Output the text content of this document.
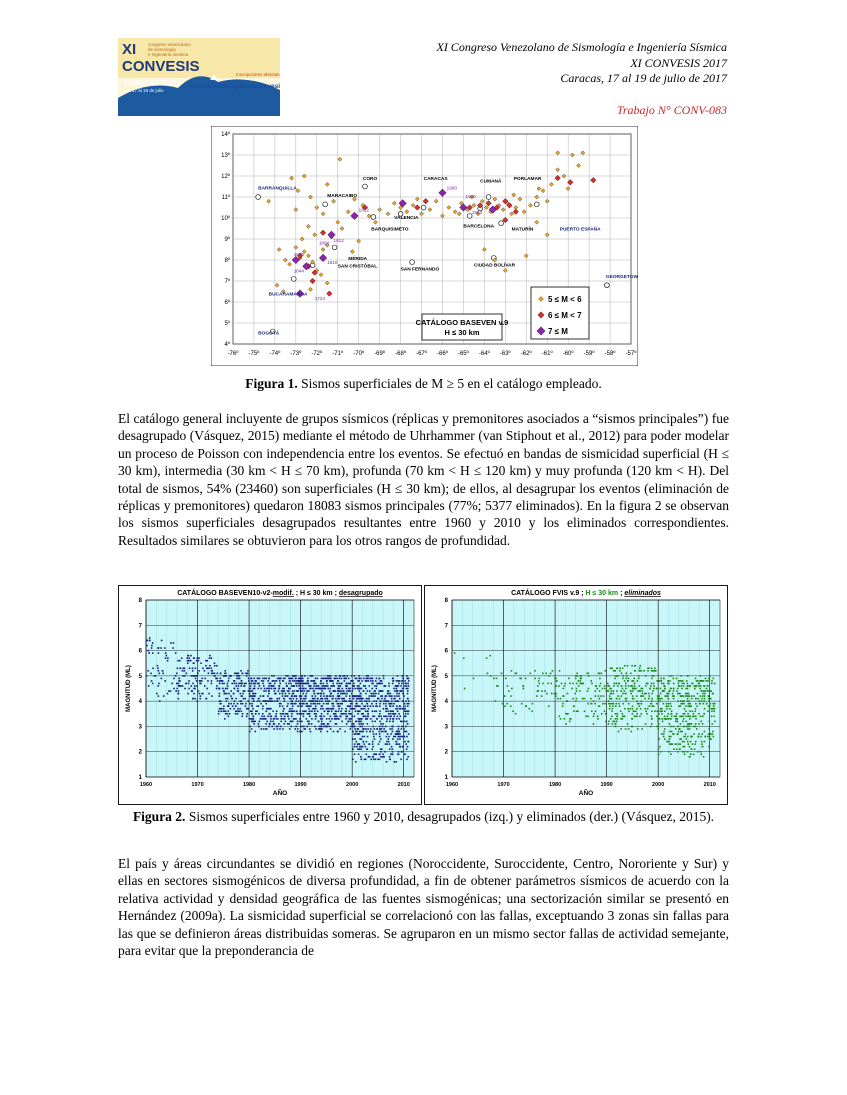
XI
CONVESIS
congreso venezolano
de sismología
e ingeniería sísmica
CARACAS 2017
Del 17 al 19 de julio
Inscripciones abiertas
www.funvisis.gob.ve/convesis
XI Congreso Venezolano de Sismología e Ingeniería Sísmica
XI CONVESIS 2017
Caracas, 17 al 19 de julio de 2017
Trabajo N° CONV-083
-76º -75º -74º -73º -72º -71º -70º -69º -68º -67º -66º -65º -64º -63º -62º -61º -60º -59º -58º -57º
4º
5º
6º
7º
8º
9º
10º
11º
12º
13º
14º
1900
1900
1812
1894
1875
1610
1644
1724
1812
1853
CORO	CARACAS	CUMANÁ	PORLAMAR
BARRANQUILLA
MARACAIBO
VALENCIA
BARQUISIMETO
BARCELONA
MATURÍN	PUERTO ESPAÑA
MÉRIDA
SAN CRISTÓBAL
SAN FERNANDO
CIUDAD BOLÍVAR
GEORGETOWN
BUCARAMANGA
BOGOTÁ
CATÁLOGO BASEVEN v.9
H ≤ 30 km
5 ≤ M < 6
6 ≤ M < 7
7 ≤ M
Figura 1. Sismos superficiales de M ≥ 5 en el catálogo empleado.

El catálogo general incluyente de grupos sísmicos (réplicas y premonitores asociados a “sismos principales”) fue desagrupado (Vásquez, 2015) mediante el método de Uhrhammer (van Stiphout et al., 2012) para poder modelar un proceso de Poisson con independencia entre los eventos. Se efectuó en bandas de sismicidad superficial (H ≤ 30 km), intermedia (30 km < H ≤ 70 km), profunda (70 km < H ≤ 120 km) y muy profunda (120 km < H). Del total de sismos, 54% (23460) son superficiales (H ≤ 30 km); de ellos, al desagrupar los eventos (eliminación de réplicas y premonitores) quedaron 18083 sismos principales (77%; 5377 eliminados). En la figura 2 se observan los sismos superficiales desagrupados resultantes entre 1960 y 2010 y los eliminados correspondientes. Resultados similares se obtuvieron para los otros rangos de profundidad.

1
2
3
4
5
6
7
8
1960	1970	1980	1990	2000	2010
MAGNITUD (ML)
AÑO
CATÁLOGO BASEVEN10-v2-modif. ; H ≤ 30 km ; desagrupado
1
2
3
4
5
6
7
8
1960	1970	1980	1990	2000	2010
MAGNITUD (ML)
AÑO
CATÁLOGO FVIS v.9 ; H ≤ 30 km ; eliminados
Figura 2. Sismos superficiales entre 1960 y 2010, desagrupados (izq.) y eliminados (der.) (Vásquez, 2015).

El país y áreas circundantes se dividió en regiones (Noroccidente, Suroccidente, Centro, Nororiente y Sur) y ellas en sectores sismogénicos de diversa profundidad, a fin de obtener parámetros sísmicos de acuerdo con la relativa actividad y densidad geográfica de las fuentes sismogénicas; una sectorización similar se presentó en Hernández (2009a). La sismicidad superficial se correlacionó con las fallas, exceptuando 3 zonas sin fallas para las que se definieron áreas distribuidas someras. Se agruparon en un mismo sector fallas de actividad semejante, para evitar que la preponderancia de
